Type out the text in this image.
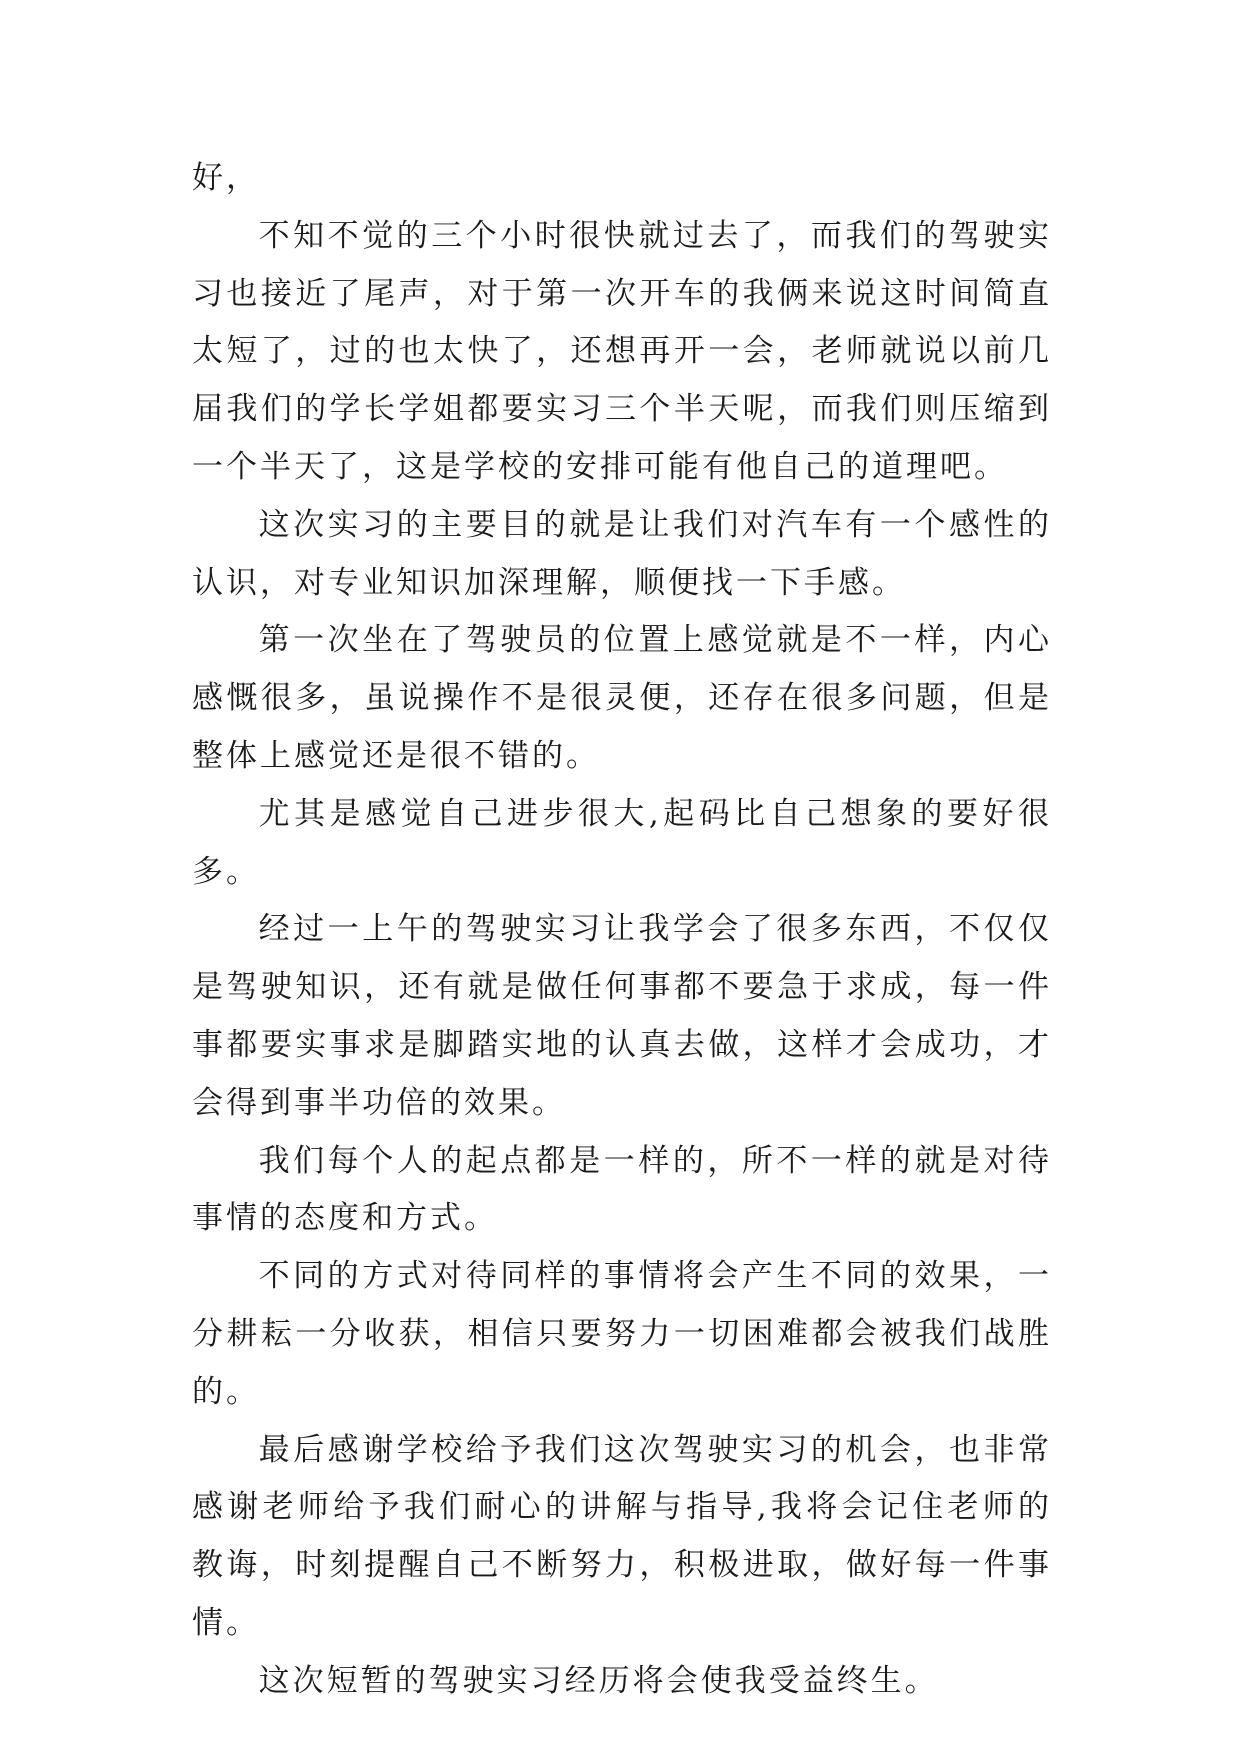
好，

不知不觉的三个小时很快就过去了，而我们的驾驶实习也接近了尾声，对于第一次开车的我俩来说这时间简直太短了，过的也太快了，还想再开一会，老师就说以前几届我们的学长学姐都要实习三个半天呢，而我们则压缩到一个半天了，这是学校的安排可能有他自己的道理吧。

这次实习的主要目的就是让我们对汽车有一个感性的认识，对专业知识加深理解，顺便找一下手感。

第一次坐在了驾驶员的位置上感觉就是不一样，内心感慨很多，虽说操作不是很灵便，还存在很多问题，但是整体上感觉还是很不错的。

尤其是感觉自己进步很大,起码比自己想象的要好很多。

经过一上午的驾驶实习让我学会了很多东西，不仅仅是驾驶知识，还有就是做任何事都不要急于求成，每一件事都要实事求是脚踏实地的认真去做，这样才会成功，才会得到事半功倍的效果。

我们每个人的起点都是一样的，所不一样的就是对待事情的态度和方式。

不同的方式对待同样的事情将会产生不同的效果，一分耕耘一分收获，相信只要努力一切困难都会被我们战胜的。

最后感谢学校给予我们这次驾驶实习的机会，也非常感谢老师给予我们耐心的讲解与指导,我将会记住老师的教诲，时刻提醒自己不断努力，积极进取，做好每一件事情。

这次短暂的驾驶实习经历将会使我受益终生。
